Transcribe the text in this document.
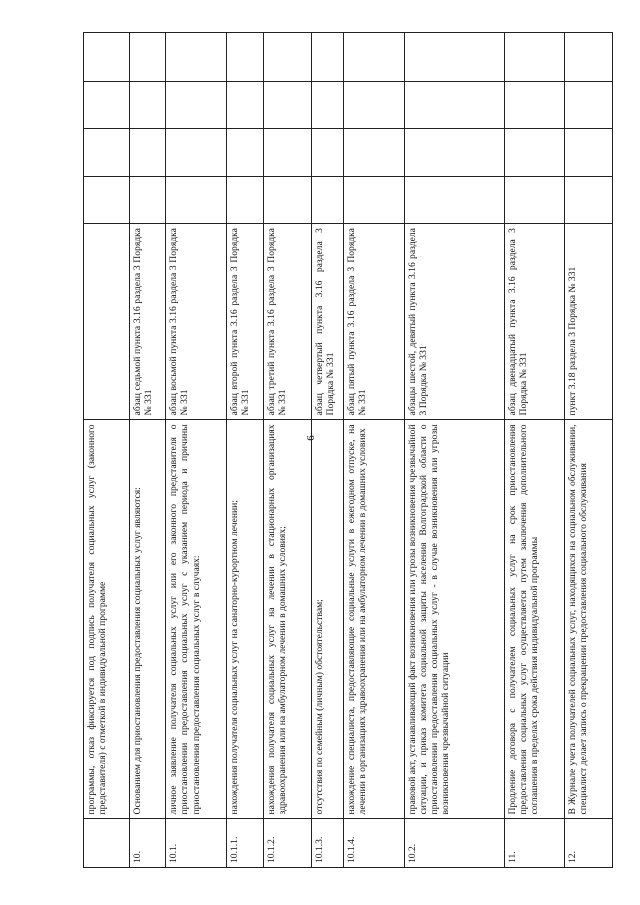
6
	программы, отказ фиксируется под подпись получателя социальных услуг (законного представителя) с отметкой в индивидуальной программе					
10.	Основанием для приостановления предоставления социальных услуг являются:	абзац седьмой пункта 3.16 раздела 3 Порядка № 331				
10.1.	личное заявление получателя социальных услуг или его законного представителя о приостановлении предоставления социальных услуг с указанием периода и причины приостановления предоставления социальных услуг в случаях:	абзац восьмой пункта 3.16 раздела 3 Порядка № 331				
10.1.1.	нахождения получателя социальных услуг на санаторно-курортном лечении;	абзац второй пункта 3.16 раздела 3 Порядка № 331				
10.1.2.	нахождения получателя социальных услуг на лечении в стационарных организациях здравоохранения или на амбулаторном лечении в домашних условиях;	абзац третий пункта 3.16 раздела 3 Порядка № 331				
10.1.3.	отсутствия по семейным (личным) обстоятельствам;	абзац четвертый пункта 3.16 раздела 3 Порядка № 331				
10.1.4.	нахождение специалиста, предоставляющие социальные услуги в ежегодном отпуске, на лечении в организациях здравоохранения или на амбулаторном лечении в домашних условиях	абзац пятый пункта 3.16 раздела 3 Порядка № 331				
10.2.	правовой акт, устанавливающий факт возникновения или угрозы возникновения чрезвычайной ситуации, и приказ комитета социальной защиты населения Волгоградской области о приостановлении предоставления социальных услуг - в случае возникновения или угрозы возникновения чрезвычайной ситуации	абзацы шестой, девятый пункта 3.16 раздела 3 Порядка № 331				
11.	Продление договора с получателем социальных услуг на срок приостановления предоставления социальных услуг осуществляется путем заключения дополнительного соглашения в пределах срока действия индивидуальной программы	абзац двенадцатый пункта 3.16 раздела 3 Порядка № 331				
12.	В Журнале учета получателей социальных услуг, находящихся на социальном обслуживании, специалист делает запись о прекращении предоставления социального обслуживания	пункт 3.18 раздела 3 Порядка № 331				
